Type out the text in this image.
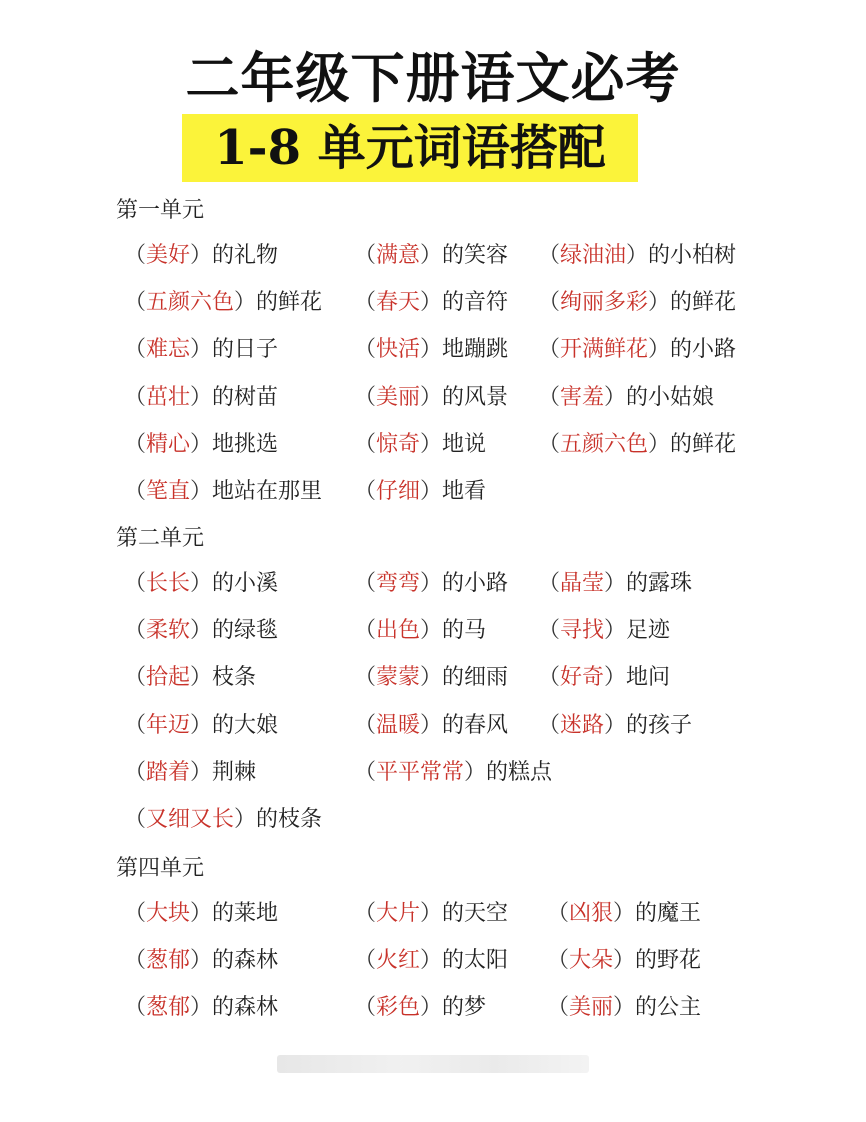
二年级下册语文必考
1-8 单元词语搭配
第一单元
（美好）的礼物	（满意）的笑容 （绿油油）的小柏树
（五颜六色）的鲜花 （春天）的音符 （绚丽多彩）的鲜花
（难忘）的日子	（快活）地蹦跳 （开满鲜花）的小路
（茁壮）的树苗	（美丽）的风景 （害羞）的小姑娘
（精心）地挑选	（惊奇）地说 （五颜六色）的鲜花
（笔直）地站在那里 （仔细）地看
第二单元
（长长）的小溪	（弯弯）的小路 （晶莹）的露珠
（柔软）的绿毯	（出色）的马 （寻找）足迹
（拾起）枝条	（蒙蒙）的细雨 （好奇）地问
（年迈）的大娘	（温暖）的春风 （迷路）的孩子
（踏着）荆棘	（平平常常）的糕点
（又细又长）的枝条
第四单元
（大块）的莱地	（大片）的天空 （凶狠）的魔王
（葱郁）的森林	（火红）的太阳 （大朵）的野花
（葱郁）的森林	（彩色）的梦	（美丽）的公主
